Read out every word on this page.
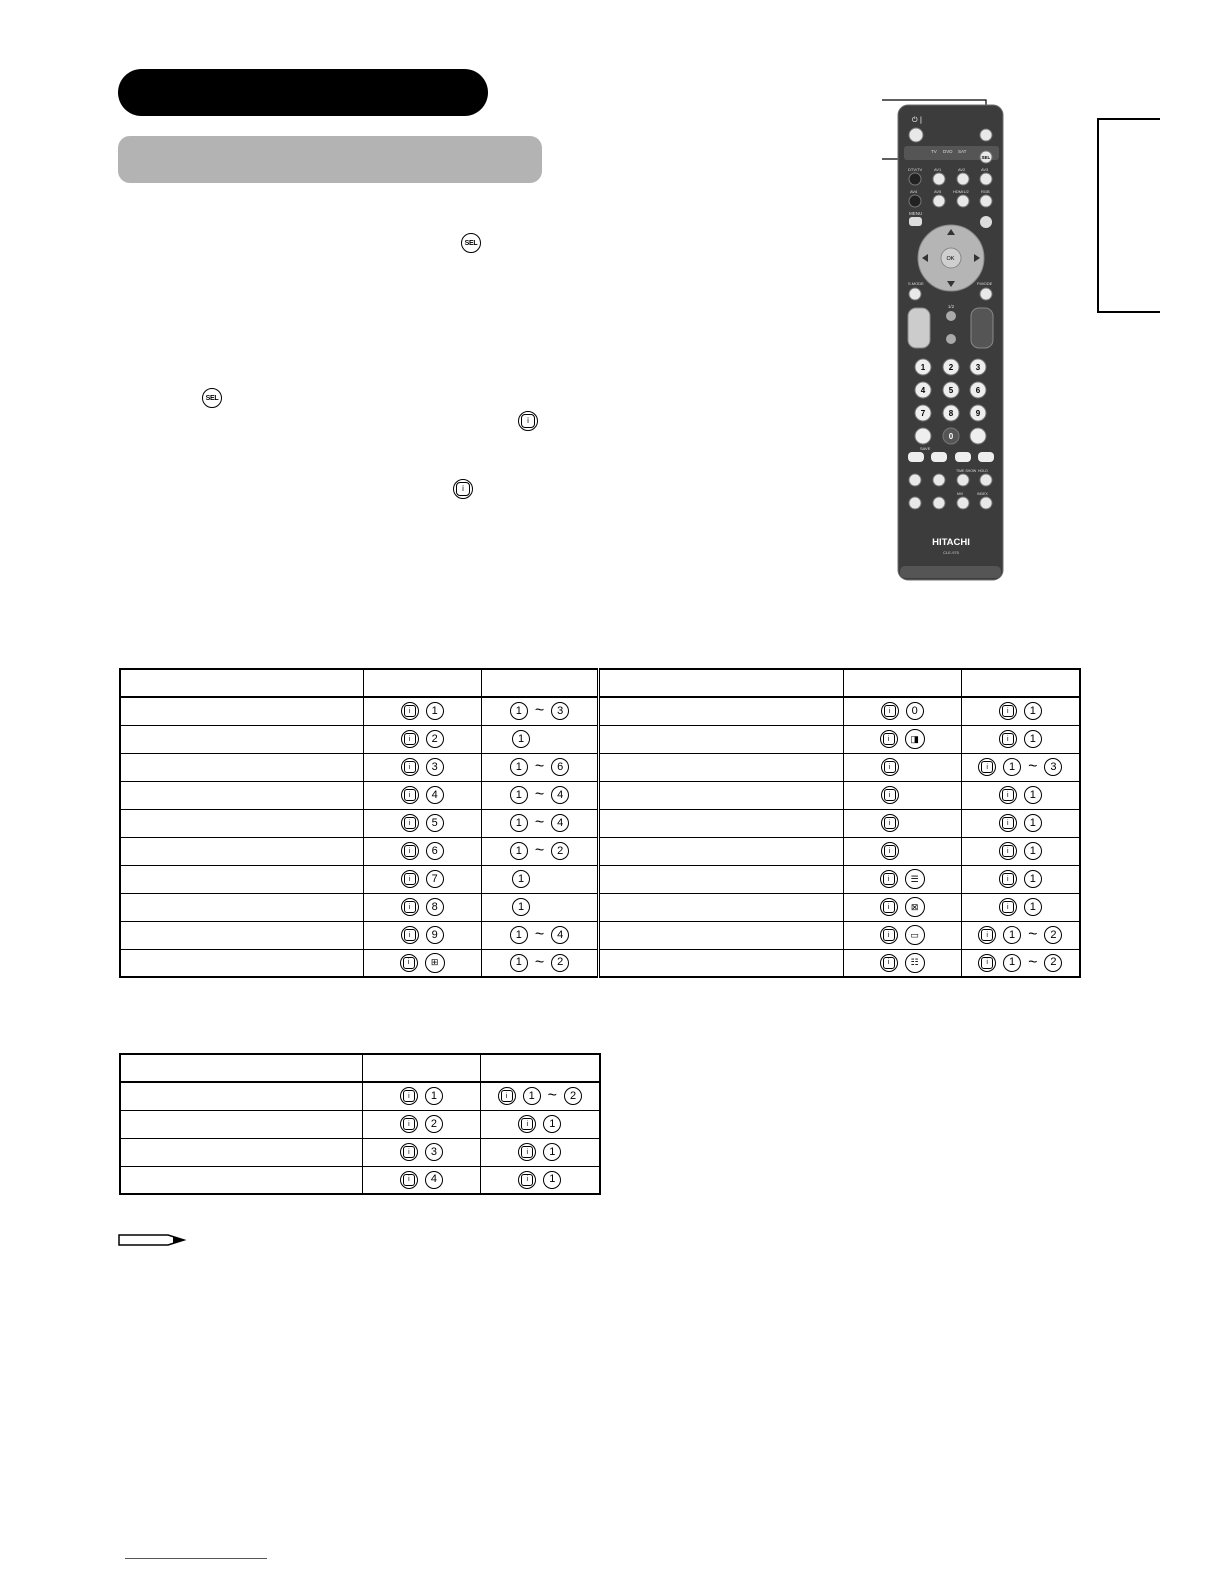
SEL
SEL
i
i
⏻ |
TV DVD SAT
SEL
DTV/TV	AV1	AV2	AV3
AV4	AV5	HDMI1/2	RGB
MENU
OK
S.MODE	P.MODE
1/2
1	2	3
4	5	6
7	8	9
0
SAVE
TIME SHOW HOLD
MIX	INDEX
HITACHI
CLE-975

i 1	1 ~ 3		i 0	i 1

i 2	1		i ◨	i 1

i 3	1 ~ 6		i	i 1 ~ 3

i 4	1 ~ 4		i	i 1

i 5	1 ~ 4		i	i 1

i 6	1 ~ 2		i	i 1

i 7	1		i ☰	i 1

i 8	1		i ⊠	i 1

i 9	1 ~ 4		i ▭	i 1 ~ 2

i ⊞	1 ~ 2		i ☷	i 1 ~ 2

i 1	i 1 ~ 2

i 2	i 1

i 3	i 1

i 4	i 1
